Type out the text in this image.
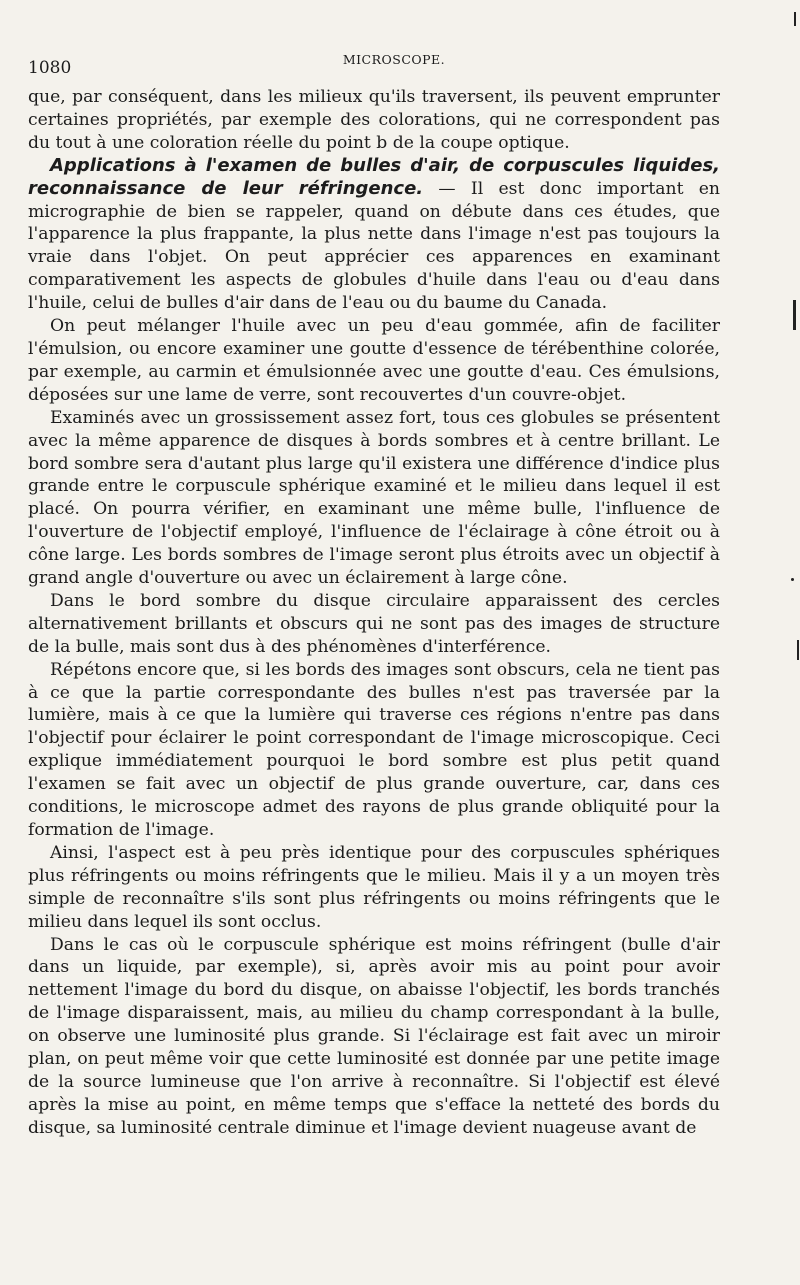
1080	MICROSCOPE.

que, par conséquent, dans les milieux qu'ils traversent, ils peuvent emprunter certaines propriétés, par exemple des colorations, qui ne correspondent pas du tout à une coloration réelle du point b de la coupe optique.

Applications à l'examen de bulles d'air, de corpuscules liquides, reconnaissance de leur réfringence. — Il est donc important en micrographie de bien se rappeler, quand on débute dans ces études, que l'apparence la plus frappante, la plus nette dans l'image n'est pas toujours la vraie dans l'objet. On peut apprécier ces apparences en examinant comparativement les aspects de globules d'huile dans l'eau ou d'eau dans l'huile, celui de bulles d'air dans de l'eau ou du baume du Canada.

On peut mélanger l'huile avec un peu d'eau gommée, afin de faciliter l'émulsion, ou encore examiner une goutte d'essence de térébenthine colorée, par exemple, au carmin et émulsionnée avec une goutte d'eau. Ces émulsions, déposées sur une lame de verre, sont recouvertes d'un couvre-objet.

Examinés avec un grossissement assez fort, tous ces globules se présentent avec la même apparence de disques à bords sombres et à centre brillant. Le bord sombre sera d'autant plus large qu'il existera une différence d'indice plus grande entre le corpuscule sphérique examiné et le milieu dans lequel il est placé. On pourra vérifier, en examinant une même bulle, l'influence de l'ouverture de l'objectif employé, l'influence de l'éclairage à cône étroit ou à cône large. Les bords sombres de l'image seront plus étroits avec un objectif à grand angle d'ouverture ou avec un éclairement à large cône.

Dans le bord sombre du disque circulaire apparaissent des cercles alternativement brillants et obscurs qui ne sont pas des images de structure de la bulle, mais sont dus à des phénomènes d'interférence.

Répétons encore que, si les bords des images sont obscurs, cela ne tient pas à ce que la partie correspondante des bulles n'est pas traversée par la lumière, mais à ce que la lumière qui traverse ces régions n'entre pas dans l'objectif pour éclairer le point correspondant de l'image microscopique. Ceci explique immédiatement pourquoi le bord sombre est plus petit quand l'examen se fait avec un objectif de plus grande ouverture, car, dans ces conditions, le microscope admet des rayons de plus grande obliquité pour la formation de l'image.

Ainsi, l'aspect est à peu près identique pour des corpuscules sphériques plus réfringents ou moins réfringents que le milieu. Mais il y a un moyen très simple de reconnaître s'ils sont plus réfringents ou moins réfringents que le milieu dans lequel ils sont occlus.

Dans le cas où le corpuscule sphérique est moins réfringent (bulle d'air dans un liquide, par exemple), si, après avoir mis au point pour avoir nettement l'image du bord du disque, on abaisse l'objectif, les bords tranchés de l'image disparaissent, mais, au milieu du champ correspondant à la bulle, on observe une luminosité plus grande. Si l'éclairage est fait avec un miroir plan, on peut même voir que cette luminosité est donnée par une petite image de la source lumineuse que l'on arrive à reconnaître. Si l'objectif est élevé après la mise au point, en même temps que s'efface la netteté des bords du disque, sa luminosité centrale diminue et l'image devient nuageuse avant de
